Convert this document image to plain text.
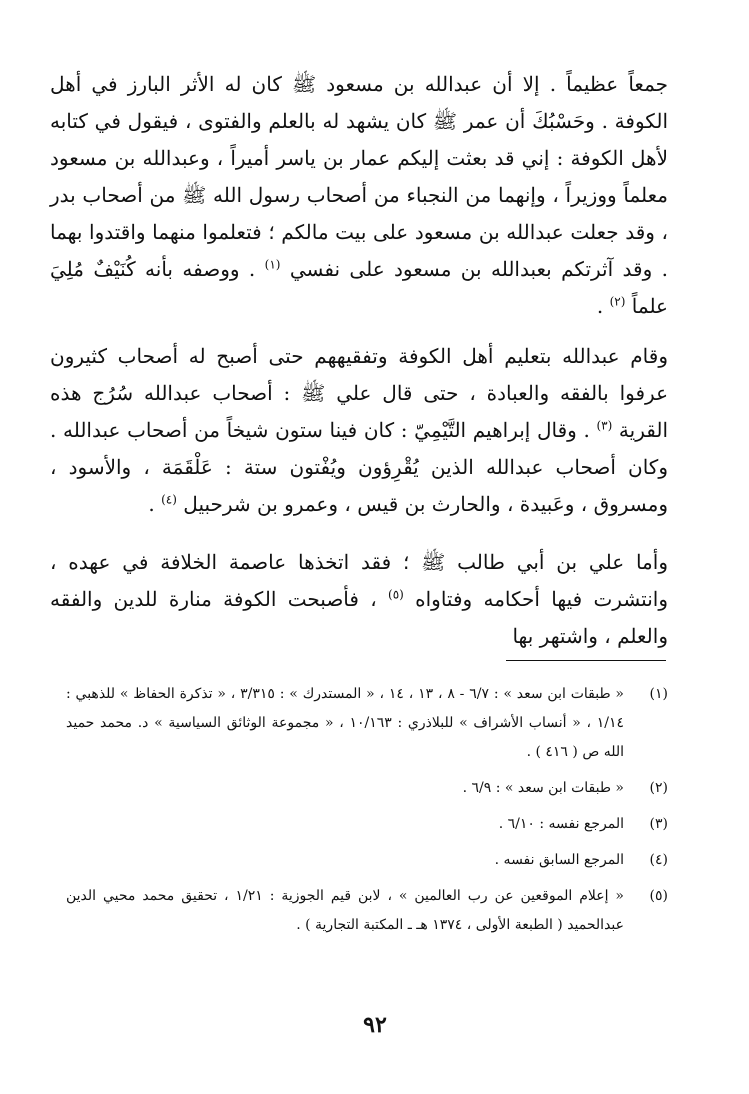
جمعاً عظيماً . إلا أن عبدالله بن مسعود ﷺ كان له الأثر البارز في أهل الكوفة . وحَسْبُكَ أن عمر ﷺ كان يشهد له بالعلم والفتوى ، فيقول في كتابه لأهل الكوفة : إني قد بعثت إليكم عمار بن ياسر أميراً ، وعبدالله بن مسعود معلماً ووزيراً ، وإنهما من النجباء من أصحاب رسول الله ﷺ من أصحاب بدر ، وقد جعلت عبدالله بن مسعود على بيت مالكم ؛ فتعلموا منهما واقتدوا بهما . وقد آثرتكم بعبدالله بن مسعود على نفسي $^{(١)}$ . ووصفه بأنه كُنَيْفٌ مُلِيَ علماً $^{(٢)}$ .

وقام عبدالله بتعليم أهل الكوفة وتفقيههم حتى أصبح له أصحاب كثيرون عرفوا بالفقه والعبادة ، حتى قال علي ﷺ : أصحاب عبدالله سُرُج هذه القرية $^{(٣)}$ . وقال إبراهيم التَّيْمِيّ : كان فينا ستون شيخاً من أصحاب عبدالله . وكان أصحاب عبدالله الذين يُقْرِؤون ويُفْتون ستة : عَلْقَمَة ، والأسود ، ومسروق ، وعَبيدة ، والحارث بن قيس ، وعمرو بن شرحبيل $^{(٤)}$ .

وأما علي بن أبي طالب ﷺ ؛ فقد اتخذها عاصمة الخلافة في عهده ، وانتشرت فيها أحكامه وفتاواه $^{(٥)}$ ، فأصبحت الكوفة منارة للدين والفقه والعلم ، واشتهر بها

(١)
« طبقات ابن سعد » : ٦/٧ - ٨ ، ١٣ ، ١٤ ، « المستدرك » : ٣/٣١٥ ، « تذكرة الحفاظ » للذهبي : ١/١٤ ، « أنساب الأشراف » للبلاذري : ١٠/١٦٣ ، « مجموعة الوثائق السياسية » د. محمد حميد الله ص ( ٤١٦ ) .
(٢)
« طبقات ابن سعد » : ٦/٩ .
(٣)
المرجع نفسه : ٦/١٠ .
(٤)
المرجع السابق نفسه .
(٥)
« إعلام الموقعين عن رب العالمين » ، لابن قيم الجوزية : ١/٢١ ، تحقيق محمد محيي الدين عبدالحميد ( الطبعة الأولى ، ١٣٧٤ هـ ـ المكتبة التجارية ) .
٩٢
